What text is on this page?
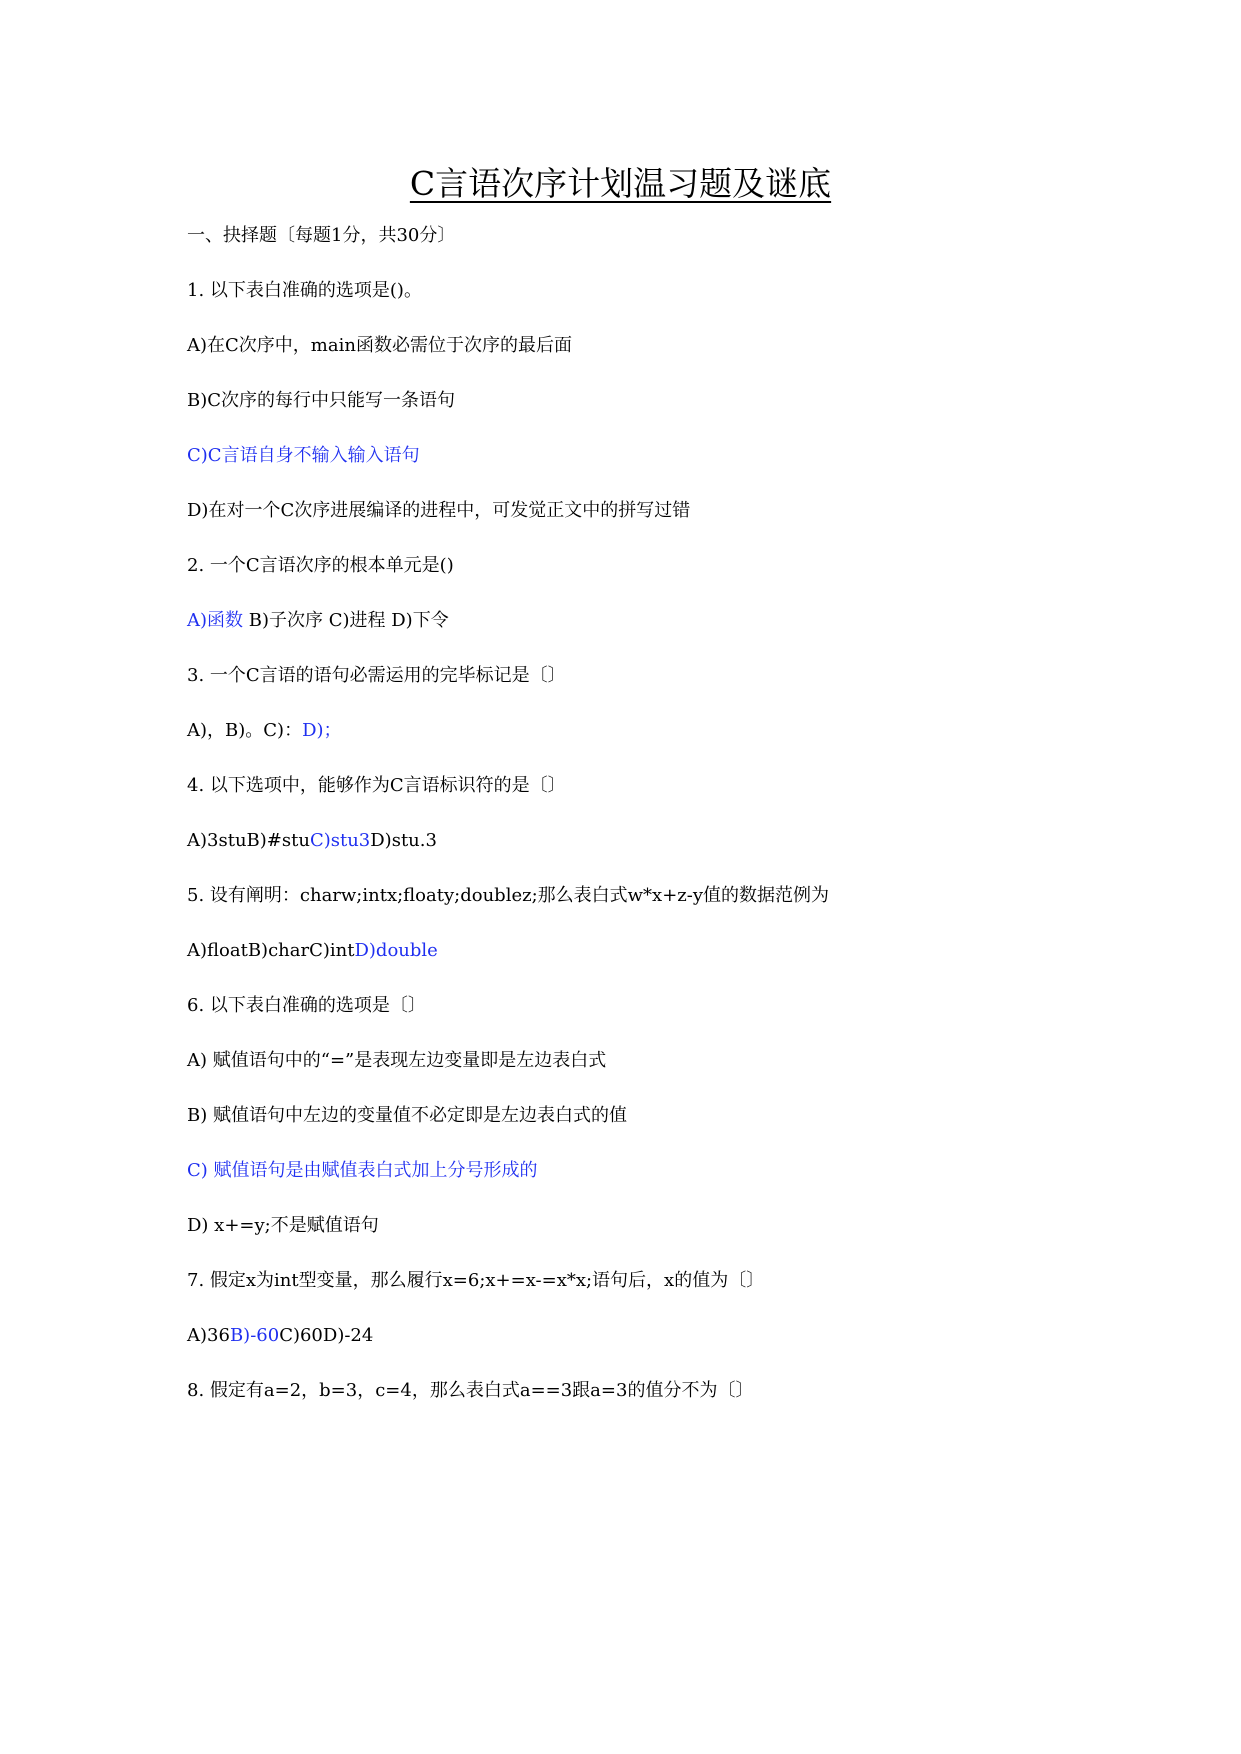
C言语次序计划温习题及谜底

一、抉择题〔每题1分，共30分〕

1. 以下表白准确的选项是()。

A)在C次序中，main函数必需位于次序的最后面

B)C次序的每行中只能写一条语句

C)C言语自身不输入输入语句

D)在对一个C次序进展编译的进程中，可发觉正文中的拼写过错

2. 一个C言语次序的根本单元是()

A)函数 B)子次序 C)进程 D)下令

3. 一个C言语的语句必需运用的完毕标记是〔〕

A)，B)。C)：D)；

4. 以下选项中，能够作为C言语标识符的是〔〕

A)3stuB)#stuC)stu3D)stu.3

5. 设有阐明：charw;intx;floaty;doublez;那么表白式w*x+z-y值的数据范例为

A)floatB)charC)intD)double

6. 以下表白准确的选项是〔〕

A) 赋值语句中的“=”是表现左边变量即是左边表白式

B) 赋值语句中左边的变量值不必定即是左边表白式的值

C) 赋值语句是由赋值表白式加上分号形成的

D) x+=y;不是赋值语句

7. 假定x为int型变量，那么履行x=6;x+=x-=x*x;语句后，x的值为〔〕

A)36B)-60C)60D)-24

8. 假定有a=2，b=3，c=4，那么表白式a==3跟a=3的值分不为〔〕
